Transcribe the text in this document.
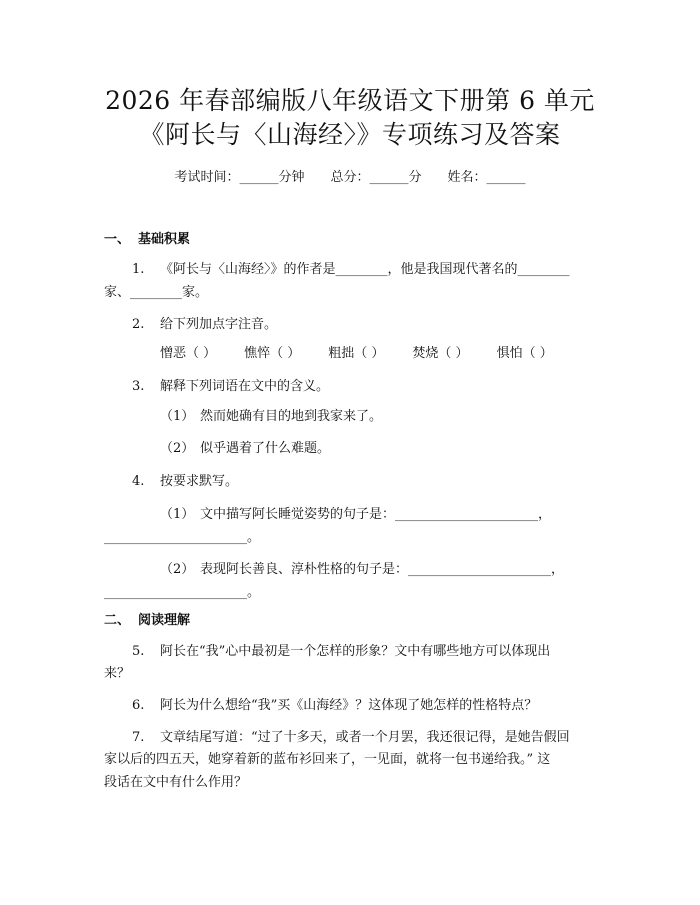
2026 年春部编版八年级语文下册第 6 单元
《阿长与〈山海经〉》专项练习及答案
考试时间：______分钟 总分：______分 姓名：______
一、 基础积累
1. 《阿长与〈山海经〉》的作者是________，他是我国现代著名的________
家、________家。
2. 给下列加点字注音。
憎恶（ ） 憔悴（ ） 粗拙（ ） 焚烧（ ） 惧怕（ ）
3. 解释下列词语在文中的含义。
（1） 然而她确有目的地到我家来了。
（2） 似乎遇着了什么难题。
4. 按要求默写。
（1） 文中描写阿长睡觉姿势的句子是：______________________，
______________________。
（2） 表现阿长善良、淳朴性格的句子是：______________________，
______________________。
二、 阅读理解
5. 阿长在“我”心中最初是一个怎样的形象？文中有哪些地方可以体现出
来？
6. 阿长为什么想给“我”买《山海经》？这体现了她怎样的性格特点？
7. 文章结尾写道：“过了十多天，或者一个月罢，我还很记得，是她告假回
家以后的四五天，她穿着新的蓝布衫回来了，一见面，就将一包书递给我。” 这
段话在文中有什么作用？
